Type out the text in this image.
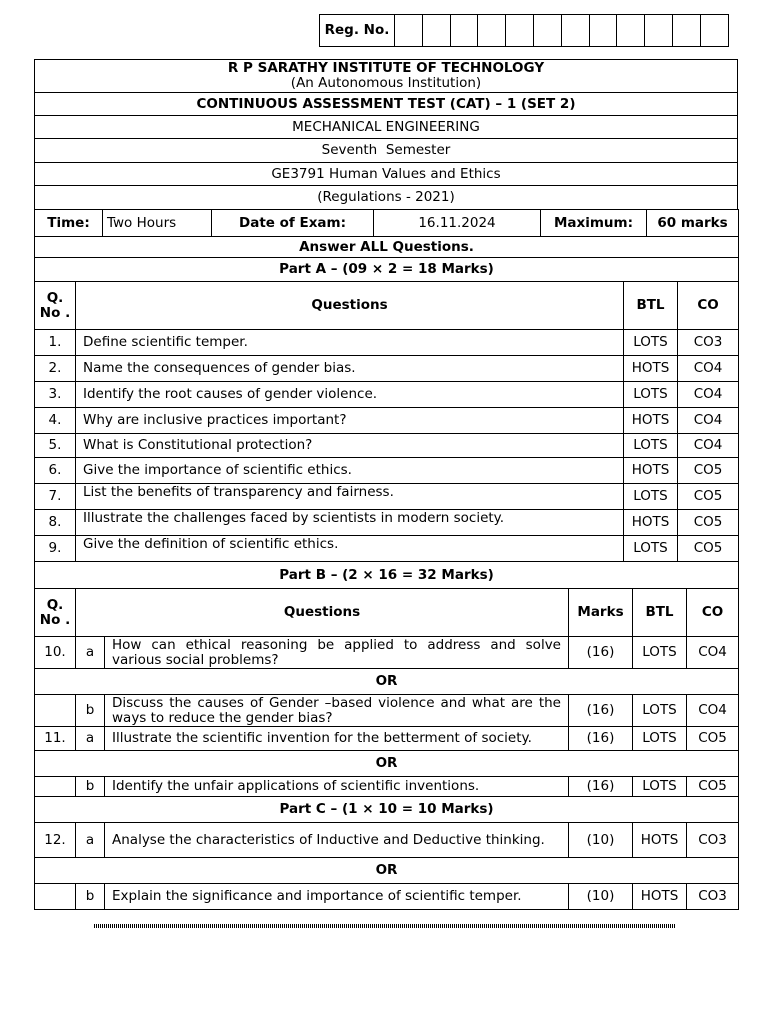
Reg. No.												
R P SARATHY INSTITUTE OF TECHNOLOGY
(An Autonomous Institution)

CONTINUOUS ASSESSMENT TEST (CAT) – 1 (SET 2)
MECHANICAL ENGINEERING
Seventh  Semester
GE3791 Human Values and Ethics
(Regulations - 2021)
Time:	Two Hours	Date of Exam:	16.11.2024	Maximum:	60 marks
Answer ALL Questions.			
Part A – (09 × 2 = 18 Marks)			
Q. No .	Questions	BTL	CO
1.	Define scientific temper.	LOTS	CO3
2.	Name the consequences of gender bias.	HOTS	CO4
3.	Identify the root causes of gender violence.	LOTS	CO4
4.	Why are inclusive practices important?	HOTS	CO4
5.	What is Constitutional protection?	LOTS	CO4
6.	Give the importance of scientific ethics.	HOTS	CO5
7.	List the benefits of transparency and fairness.	LOTS	CO5
8.	Illustrate the challenges faced by scientists in modern society.	HOTS	CO5
9.	Give the definition of scientific ethics.	LOTS	CO5
Part B – (2 × 16 = 32 Marks)					
Q. No .	Questions		Marks	BTL	CO
10.	a	How can ethical reasoning be applied to address and solve various social problems?	(16)	LOTS	CO4
OR					
	b	Discuss the causes of Gender –based violence and what are the ways to reduce the gender bias?	(16)	LOTS	CO4
11.	a	Illustrate the scientific invention for the betterment of society.	(16)	LOTS	CO5
OR					
	b	Identify the unfair applications of scientific inventions.	(16)	LOTS	CO5
Part C – (1 × 10 = 10 Marks)					
12.	a	Analyse the characteristics of Inductive and Deductive thinking.	(10)	HOTS	CO3
OR					
	b	Explain the significance and importance of scientific temper.	(10)	HOTS	CO3
